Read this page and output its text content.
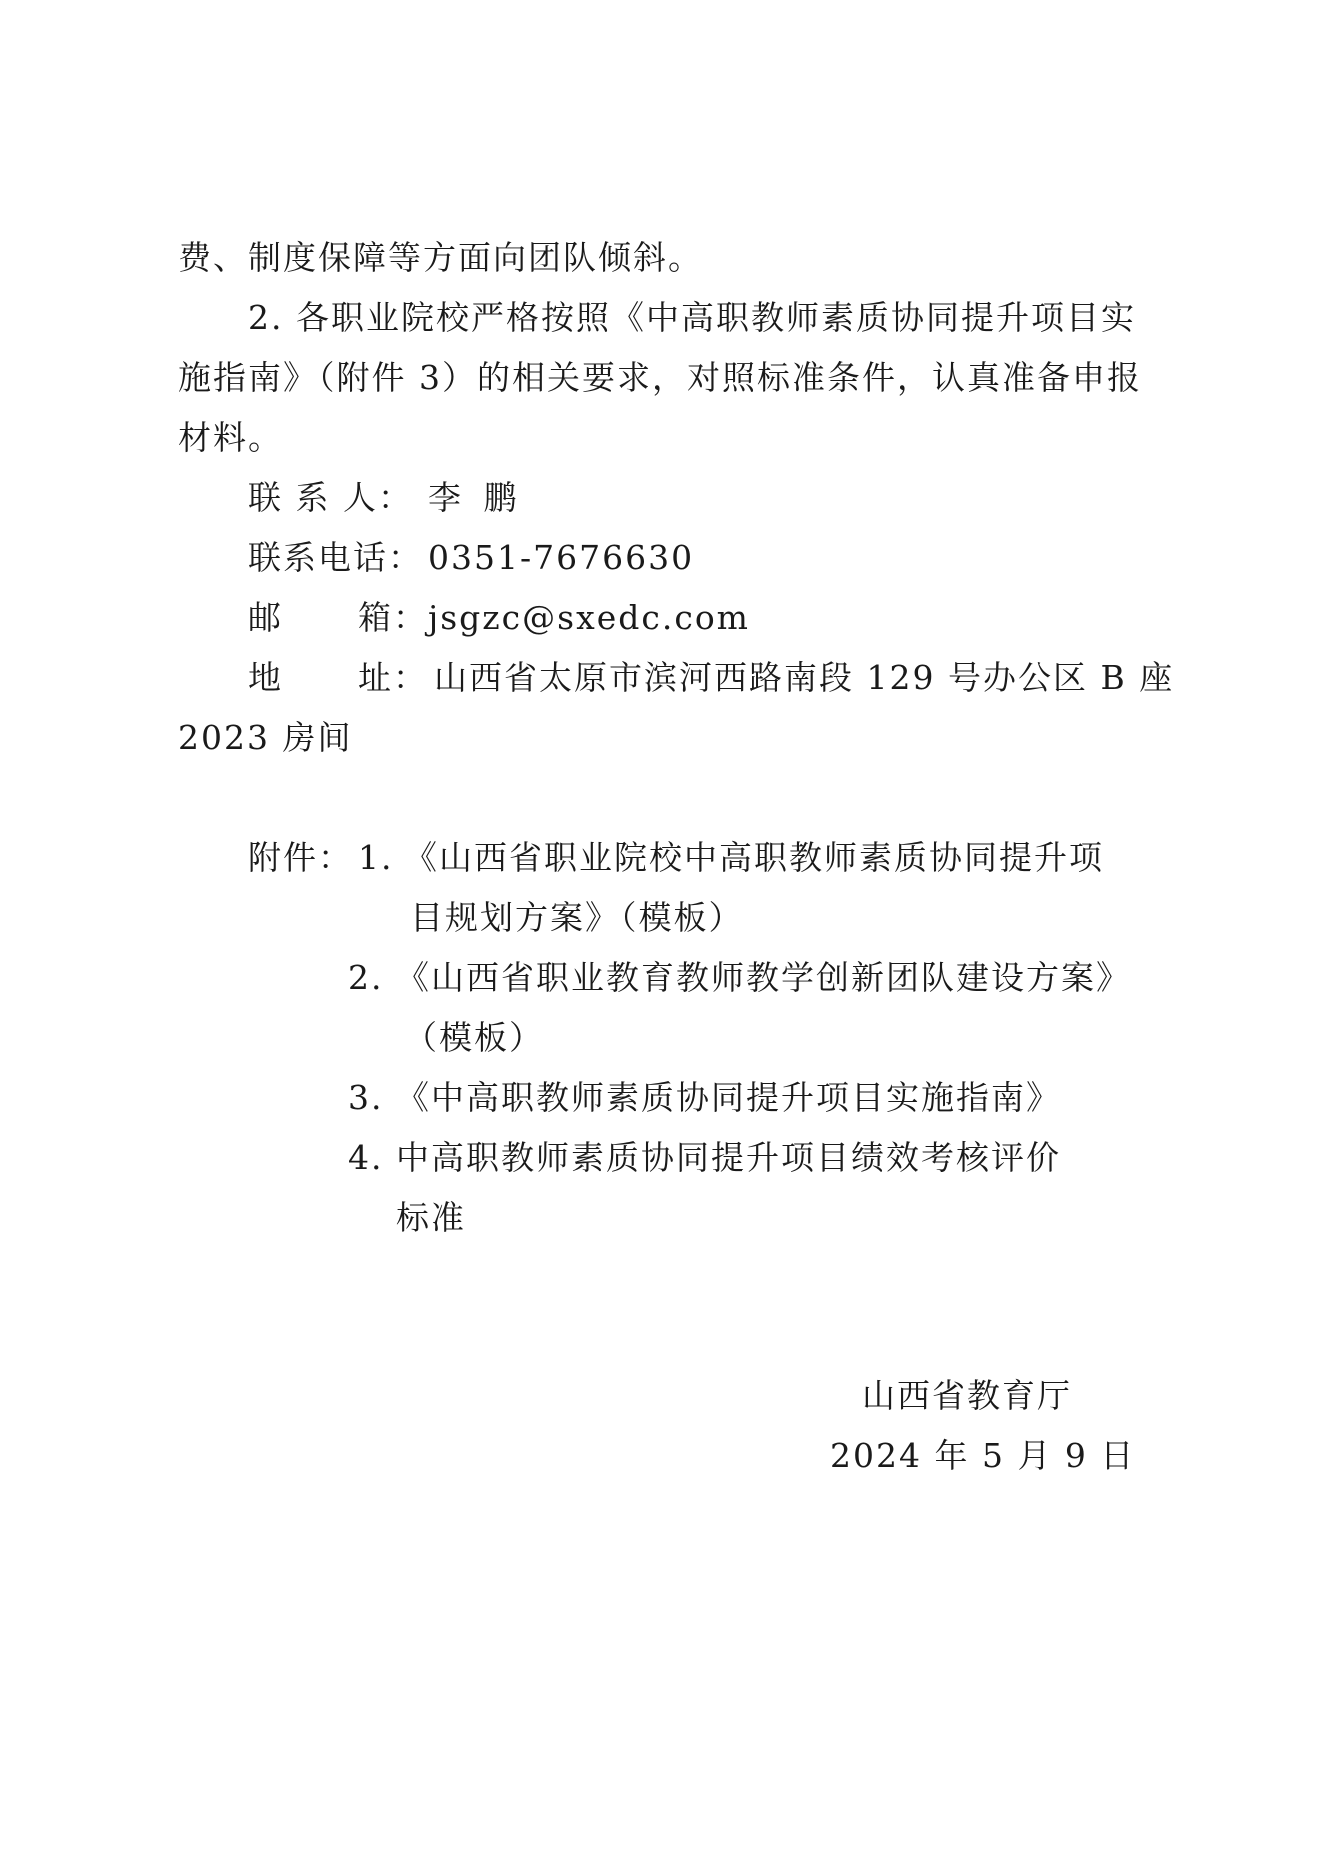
费、制度保障等方面向团队倾斜。
2. 各职业院校严格按照《中高职教师素质协同提升项目实
施指南》（附件 3）的相关要求，对照标准条件，认真准备申报
材料。
联 系 人： 李 鹏
联系电话： 0351-7676630
邮 箱： jsgzc@sxedc.com
地 址： 山西省太原市滨河西路南段 129 号办公区 B 座
2023 房间
附件： 1. 《山西省职业院校中高职教师素质协同提升项
目规划方案》（模板）
2. 《山西省职业教育教师教学创新团队建设方案》
（模板）
3. 《中高职教师素质协同提升项目实施指南》
4. 中高职教师素质协同提升项目绩效考核评价
标准
山西省教育厅
2024 年 5 月 9 日
